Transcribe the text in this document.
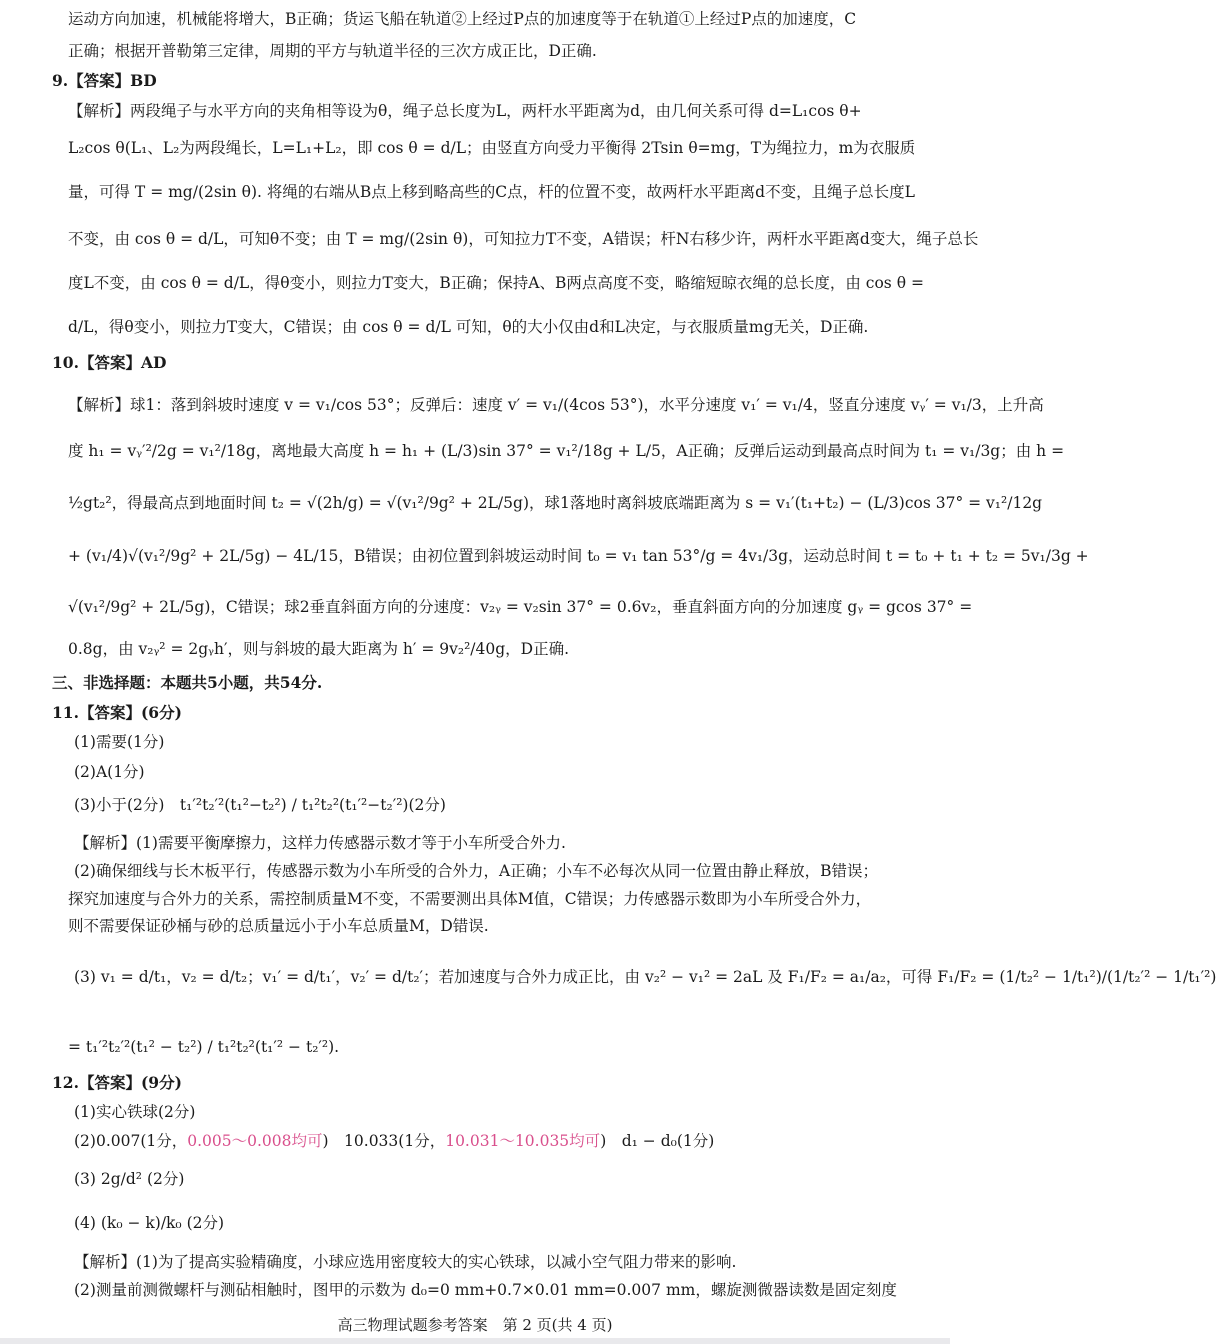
运动方向加速，机械能将增大，B正确；货运飞船在轨道②上经过P点的加速度等于在轨道①上经过P点的加速度，C
正确；根据开普勒第三定律，周期的平方与轨道半径的三次方成正比，D正确.
9.【答案】BD
【解析】两段绳子与水平方向的夹角相等设为θ，绳子总长度为L，两杆水平距离为d，由几何关系可得 d=L₁cos θ+
L₂cos θ(L₁、L₂为两段绳长，L=L₁+L₂，即 cos θ = d/L；由竖直方向受力平衡得 2Tsin θ=mg，T为绳拉力，m为衣服质
量，可得 T = mg/(2sin θ). 将绳的右端从B点上移到略高些的C点，杆的位置不变，故两杆水平距离d不变，且绳子总长度L
不变，由 cos θ = d/L，可知θ不变；由 T = mg/(2sin θ)，可知拉力T不变，A错误；杆N右移少许，两杆水平距离d变大，绳子总长
度L不变，由 cos θ = d/L，得θ变小，则拉力T变大，B正确；保持A、B两点高度不变，略缩短晾衣绳的总长度，由 cos θ =
d/L，得θ变小，则拉力T变大，C错误；由 cos θ = d/L 可知，θ的大小仅由d和L决定，与衣服质量mg无关，D正确.
10.【答案】AD
【解析】球1：落到斜坡时速度 v = v₁/cos 53°；反弹后：速度 v′ = v₁/(4cos 53°)，水平分速度 v₁′ = v₁/4，竖直分速度 vᵧ′ = v₁/3，上升高
度 h₁ = vᵧ′²/2g = v₁²/18g，离地最大高度 h = h₁ + (L/3)sin 37° = v₁²/18g + L/5，A正确；反弹后运动到最高点时间为 t₁ = v₁/3g；由 h =
½gt₂²，得最高点到地面时间 t₂ = √(2h/g) = √(v₁²/9g² + 2L/5g)，球1落地时离斜坡底端距离为 s = v₁′(t₁+t₂) − (L/3)cos 37° = v₁²/12g
+ (v₁/4)√(v₁²/9g² + 2L/5g) − 4L/15，B错误；由初位置到斜坡运动时间 t₀ = v₁ tan 53°/g = 4v₁/3g，运动总时间 t = t₀ + t₁ + t₂ = 5v₁/3g +
√(v₁²/9g² + 2L/5g)，C错误；球2垂直斜面方向的分速度：v₂ᵧ = v₂sin 37° = 0.6v₂，垂直斜面方向的分加速度 gᵧ = gcos 37° =
0.8g，由 v₂ᵧ² = 2gᵧh′，则与斜坡的最大距离为 h′ = 9v₂²/40g，D正确.
三、非选择题：本题共5小题，共54分.
11.【答案】(6分)
(1)需要(1分)
(2)A(1分)
(3)小于(2分)　t₁′²t₂′²(t₁²−t₂²) / t₁²t₂²(t₁′²−t₂′²)(2分)
【解析】(1)需要平衡摩擦力，这样力传感器示数才等于小车所受合外力.
(2)确保细线与长木板平行，传感器示数为小车所受的合外力，A正确；小车不必每次从同一位置由静止释放，B错误；
探究加速度与合外力的关系，需控制质量M不变，不需要测出具体M值，C错误；力传感器示数即为小车所受合外力，
则不需要保证砂桶与砂的总质量远小于小车总质量M，D错误.
(3) v₁ = d/t₁，v₂ = d/t₂；v₁′ = d/t₁′，v₂′ = d/t₂′；若加速度与合外力成正比，由 v₂² − v₁² = 2aL 及 F₁/F₂ = a₁/a₂，可得 F₁/F₂ = (1/t₂² − 1/t₁²)/(1/t₂′² − 1/t₁′²)
= t₁′²t₂′²(t₁² − t₂²) / t₁²t₂²(t₁′² − t₂′²).
12.【答案】(9分)
(1)实心铁球(2分)
(2)0.007(1分，0.005～0.008均可)　10.033(1分，10.031～10.035均可)　d₁ − d₀(1分)
(3) 2g/d² (2分)
(4) (k₀ − k)/k₀ (2分)
【解析】(1)为了提高实验精确度，小球应选用密度较大的实心铁球，以减小空气阻力带来的影响.
(2)测量前测微螺杆与测砧相触时，图甲的示数为 d₀=0 mm+0.7×0.01 mm=0.007 mm，螺旋测微器读数是固定刻度
高三物理试题参考答案　第 2 页(共 4 页)
